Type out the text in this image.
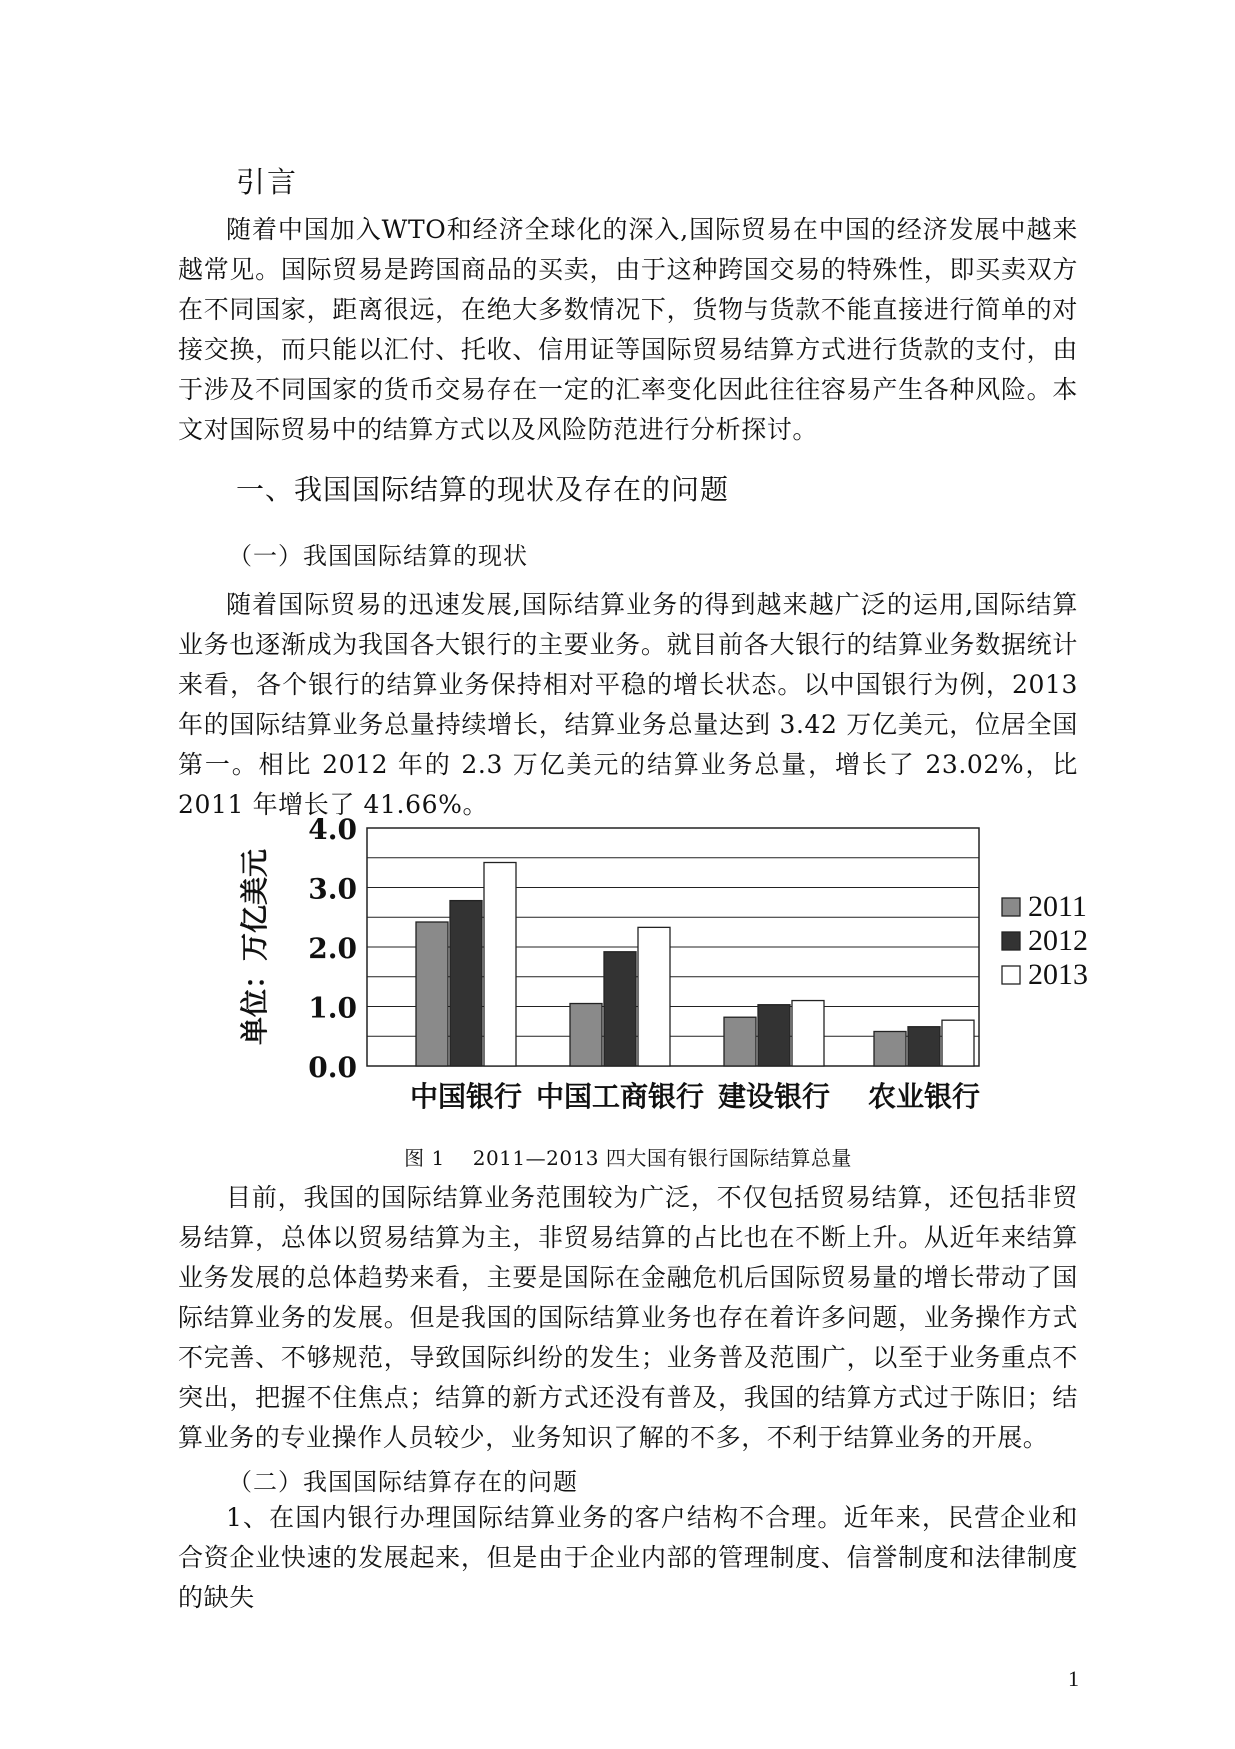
引言

随着中国加入WTO和经济全球化的深入,国际贸易在中国的经济发展中越来越常见。国际贸易是跨国商品的买卖，由于这种跨国交易的特殊性，即买卖双方在不同国家，距离很远，在绝大多数情况下，货物与货款不能直接进行简单的对接交换，而只能以汇付、托收、信用证等国际贸易结算方式进行货款的支付，由于涉及不同国家的货币交易存在一定的汇率变化因此往往容易产生各种风险。本文对国际贸易中的结算方式以及风险防范进行分析探讨。

一、我国国际结算的现状及存在的问题
（一）我国国际结算的现状

随着国际贸易的迅速发展,国际结算业务的得到越来越广泛的运用,国际结算业务也逐渐成为我国各大银行的主要业务。就目前各大银行的结算业务数据统计来看，各个银行的结算业务保持相对平稳的增长状态。以中国银行为例，2013 年的国际结算业务总量持续增长，结算业务总量达到 3.42 万亿美元，位居全国第一。相比 2012 年的 2.3 万亿美元的结算业务总量，增长了 23.02%，比 2011 年增长了 41.66%。

0.0
1.0
2.0
3.0
4.0
单位：万亿美元
中国银行 中国工商银行 建设银行 农业银行
2011
2012
2013
图 1 2011—2013 四大国有银行国际结算总量

目前，我国的国际结算业务范围较为广泛，不仅包括贸易结算，还包括非贸易结算，总体以贸易结算为主，非贸易结算的占比也在不断上升。从近年来结算业务发展的总体趋势来看，主要是国际在金融危机后国际贸易量的增长带动了国际结算业务的发展。但是我国的国际结算业务也存在着许多问题，业务操作方式不完善、不够规范，导致国际纠纷的发生；业务普及范围广，以至于业务重点不突出，把握不住焦点；结算的新方式还没有普及，我国的结算方式过于陈旧；结算业务的专业操作人员较少，业务知识了解的不多，不利于结算业务的开展。

（二）我国国际结算存在的问题

1、在国内银行办理国际结算业务的客户结构不合理。近年来，民营企业和合资企业快速的发展起来，但是由于企业内部的管理制度、信誉制度和法律制度的缺失

1
